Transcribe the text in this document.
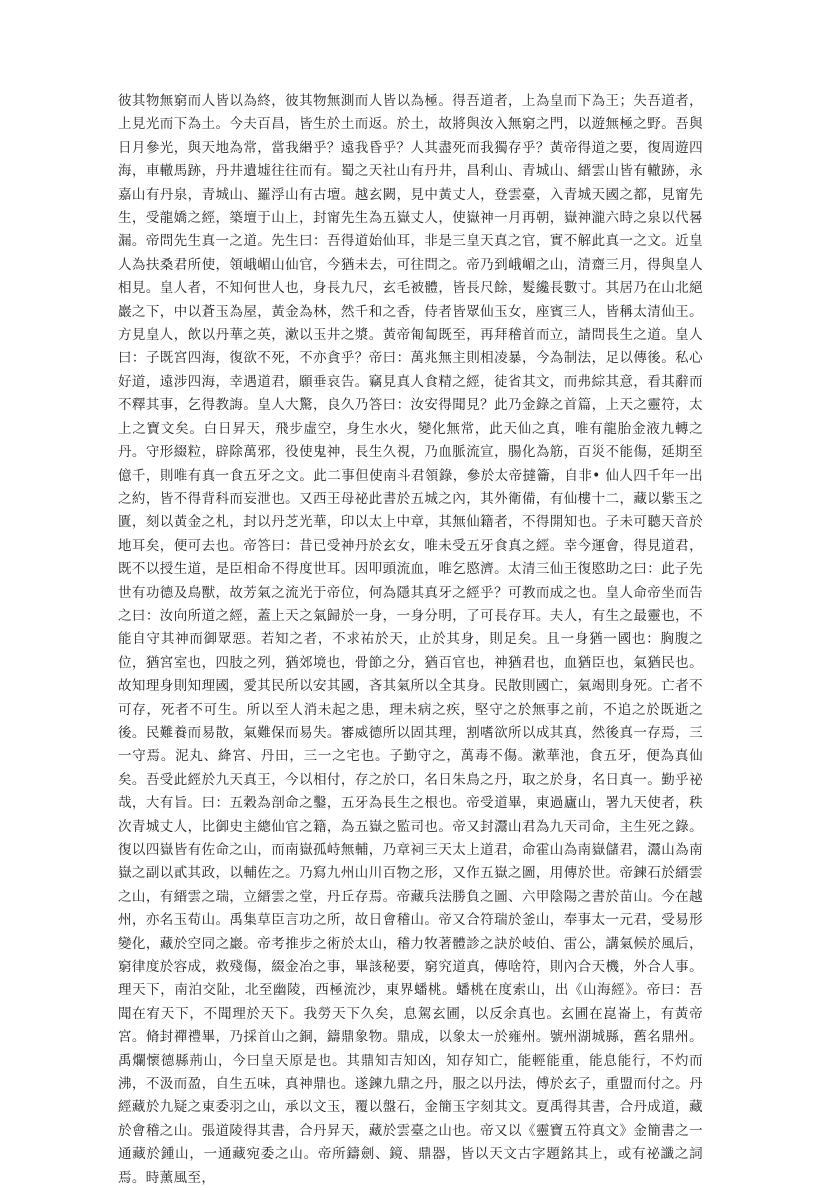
彼其物無窮而人皆以為終，彼其物無測而人皆以為極。得吾道者，上為皇而下為王；失吾道者，上見光而下為土。今夫百昌，皆生於土而返。於土，故將與汝入無窮之門，以遊無極之野。吾與日月參光，與天地為常，當我緡乎？遠我昏乎？人其盡死而我獨存乎？黃帝得道之要，復周遊四海，車轍馬跡，丹井遺墟往往而有。蜀之天社山有丹井，昌利山、青城山、縉雲山皆有轍跡，永嘉山有丹泉，青城山、羅浮山有古壇。越玄闕，見中黃丈人，登雲臺，入青城天國之都，見甯先生，受龍嬌之經，築壇于山上，封甯先生為五嶽丈人，使嶽神一月再朝，嶽神瀧六時之泉以代晷漏。帝問先生真一之道。先生曰：吾得道始仙耳，非是三皇天真之官，實不解此真一之文。近皇人為扶桑君所使，領峨嵋山仙官，今猶未去，可往問之。帝乃到峨嵋之山，清齋三月，得與皇人相見。皇人者，不知何世人也，身長九尺，玄毛被體，皆長尺餘，髮纔長數寸。其居乃在山北絕巖之下，中以蒼玉為屋，黃金為林，然千和之香，侍者皆眾仙玉女，座賓三人，皆稱太清仙王。方見皇人，飲以丹華之英，漱以玉井之漿。黃帝匍匐既至，再拜稽首而立，請問長生之道。皇人曰：子既宮四海，復欲不死，不亦貪乎？帝曰：萬兆無主則相凌暴，今為制法，足以傳後。私心好道，遠涉四海，幸遇道君，願垂哀告。竊見真人食精之經，徒省其文，而弗綜其意，看其辭而不釋其事，乞得教誨。皇人大驚，良久乃答曰：汝安得聞見？此乃金錄之首篇，上天之靈符，太上之寶文矣。白日昇天，飛步虛空，身生水火，變化無常，此天仙之真，唯有龍胎金液九轉之丹。守形綴粒，辟除萬邪，役使鬼神，長生久視，乃血脈流宣，腸化為筋，百災不能傷，延期至億千，則唯有真一食五牙之文。此二事但使南斗君領錄，參於太帝撻籥，自非• 仙人四千年一出之約，皆不得背科而妄泄也。又西王母祕此書於五城之內，其外衛備，有仙樓十二，藏以紫玉之匱，刻以黃金之札，封以丹芝光華，印以太上中章，其無仙籍者，不得開知也。子未可聽天音於地耳矣，便可去也。帝答曰：昔已受神丹於玄女，唯未受五牙食真之經。幸今運會，得見道君，既不以授生道，是臣相命不得度世耳。因叩頭流血，唯乞愍濟。太清三仙王復愍助之曰：此子先世有功德及鳥獸，故芳氣之流光于帝位，何為隱其真牙之經乎？可教而成之也。皇人命帝坐而告之曰：汝向所道之經，蓋上天之氣歸於一身，一身分明，了可長存耳。夫人，有生之最靈也，不能自守其神而御眾惡。若知之者，不求祐於天，止於其身，則足矣。且一身猶一國也：胸腹之位，猶宮室也，四肢之列，猶郊境也，骨節之分，猶百官也，神猶君也，血猶臣也，氣猶民也。故知理身則知理國，愛其民所以安其國，吝其氣所以全其身。民散則國亡，氣竭則身死。亡者不可存，死者不可生。所以至人消未起之患，理未病之疾，堅守之於無事之前，不追之於既逝之後。民難養而易散，氣難保而易失。審威德所以固其理，割嗜欲所以成其真，然後真一存焉，三一守焉。泥丸、絳宮、丹田，三一之宅也。子勤守之，萬毒不傷。漱華池，食五牙，便為真仙矣。吾受此經於九天真王，今以相付，存之於口，名日朱鳥之丹，取之於身，名日真一。勤乎祕哉，大有旨。曰：五穀為剖命之鑿，五牙為長生之根也。帝受道畢，東過廬山，署九天使者，秩次青城丈人，比御史主總仙官之籍，為五嶽之監司也。帝又封灊山君為九天司命，主生死之錄。復以四嶽皆有佐命之山，而南嶽孤峙無輔，乃章祠三天太上道君，命霍山為南嶽儲君，灊山為南嶽之副以貳其政，以輔佐之。乃寫九州山川百物之形，又作五嶽之圖，用傳於世。帝鍊石於縉雲之山，有縉雲之瑞，立縉雲之堂，丹丘存焉。帝藏兵法勝負之圖、六甲陰陽之書於苗山。今在越州，亦名玉荀山。禹集草臣言功之所，故日會稽山。帝又合符瑞於釜山，奉事太一元君，受易形變化，藏於空同之巖。帝考推步之術於太山，稽力牧著體診之訣於岐伯、雷公，講氣候於風后，窮律度於容成，救殘傷，綴金冶之事，畢該秘要，窮究道真，傳啥符，則內合天機，外合人事。理天下，南泊交阯，北至幽陵，西極流沙，東界蟠桃。蟠桃在度索山，出《山海經》。帝曰：吾聞在宥天下，不聞理於天下。我勞天下久矣，息駕玄圃，以反余真也。玄圃在崑崙上，有黃帝宮。脩封禪禮畢，乃採首山之銅，鑄鼎象物。鼎成，以象太一於雍州。號州湖城縣，舊名鼎州。禹爛懷德縣荊山，今曰皇天原是也。其鼎知吉知凶，知存知亡，能輕能重，能息能行，不灼而沸，不汲而盈，自生五味，真神鼎也。遂鍊九鼎之丹，服之以丹法，傅於玄子，重盟而付之。丹經藏於九疑之東委羽之山，承以文玉，覆以盤石，金簡玉字刻其文。夏禹得其書，合丹成道，藏於會稽之山。張道陵得其書，合丹昇天，藏於雲臺之山也。帝又以《靈寶五符真文》金簡書之一通藏於鍾山，一通藏宛委之山。帝所鑄劍、鏡、鼎器，皆以天文古字題銘其上，或有祕讖之詞焉。時薰風至，
